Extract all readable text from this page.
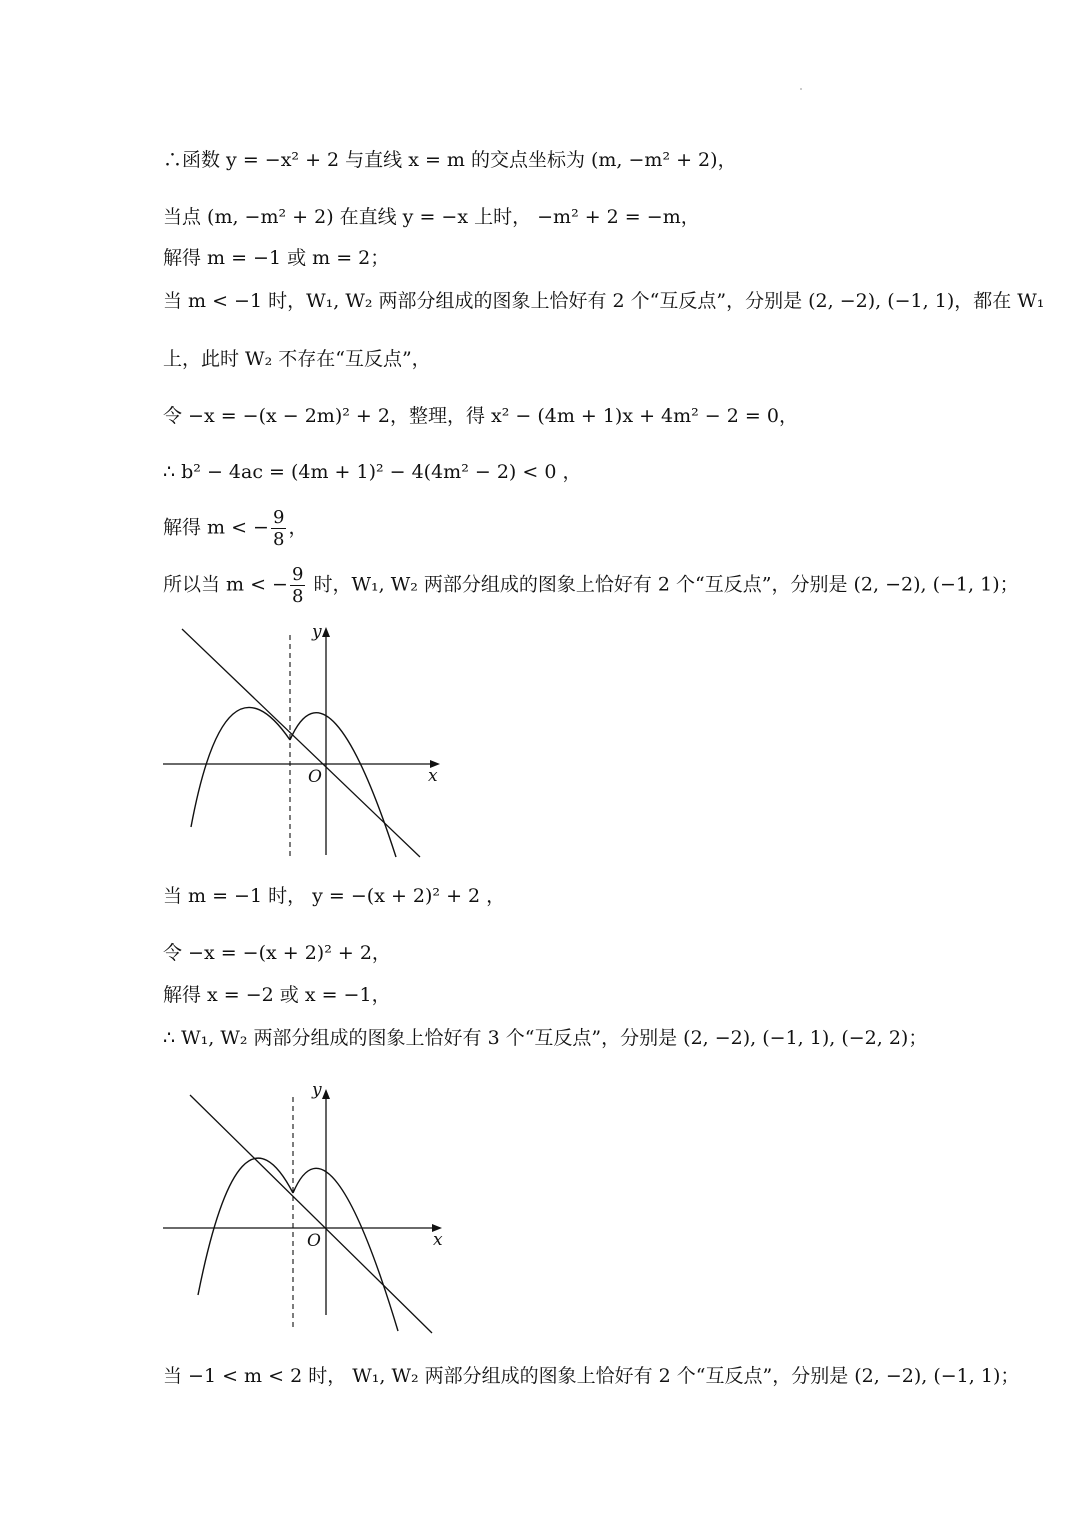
∴函数 y = −x² + 2 与直线 x = m 的交点坐标为 (m, −m² + 2)，
当点 (m, −m² + 2) 在直线 y = −x 上时， −m² + 2 = −m，
解得 m = −1 或 m = 2；
当 m < −1 时，W₁, W₂ 两部分组成的图象上恰好有 2 个“互反点”，分别是 (2, −2), (−1, 1)，都在 W₁
上，此时 W₂ 不存在“互反点”，
令 −x = −(x − 2m)² + 2，整理，得 x² − (4m + 1)x + 4m² − 2 = 0，
∴ b² − 4ac = (4m + 1)² − 4(4m² − 2) < 0 ，
解得 m < − $\frac{9}{8}$ ，
所以当 m < − $\frac{9}{8}$ 时，W₁, W₂ 两部分组成的图象上恰好有 2 个“互反点”，分别是 (2, −2), (−1, 1)；
O	x
y
当 m = −1 时， y = −(x + 2)² + 2 ，
令 −x = −(x + 2)² + 2，
解得 x = −2 或 x = −1，
∴ W₁, W₂ 两部分组成的图象上恰好有 3 个“互反点”，分别是 (2, −2), (−1, 1), (−2, 2)；
O	x
y
当 −1 < m < 2 时， W₁, W₂ 两部分组成的图象上恰好有 2 个“互反点”，分别是 (2, −2), (−1, 1)；
